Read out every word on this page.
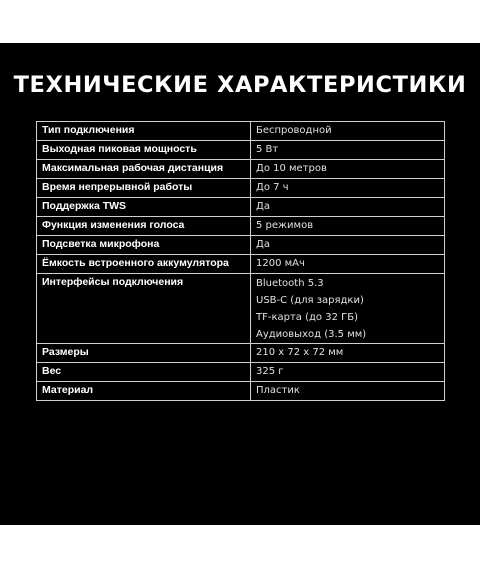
ТЕХНИЧЕСКИЕ ХАРАКТЕРИСТИКИ
Тип подключения	Беспроводной
Выходная пиковая мощность	5 Вт
Максимальная рабочая дистанция	До 10 метров
Время непрерывной работы	До 7 ч
Поддержка TWS	Да
Функция изменения голоса	5 режимов
Подсветка микрофона	Да
Ёмкость встроенного аккумулятора	1200 мАч
Интерфейсы подключения	Bluetooth 5.3
USB-C (для зарядки)
TF-карта (до 32 ГБ)
Аудиовыход (3.5 мм)

Размеры	210 x 72 x 72 мм
Вес	325 г
Материал	Пластик
